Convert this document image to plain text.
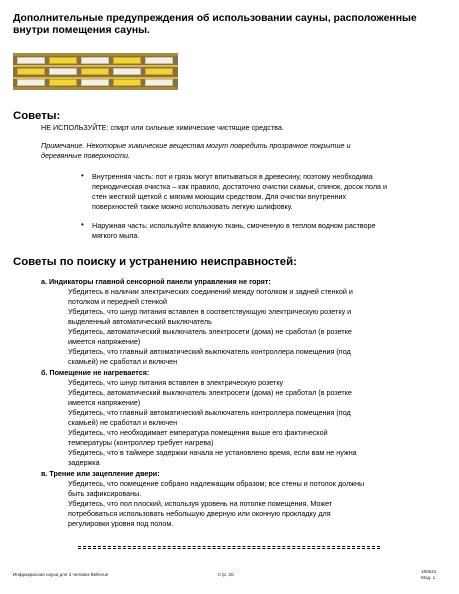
Дополнительные предупреждения об использовании сауны, расположенные внутри помещения сауны.
Советы:
НЕ ИСПОЛЬЗУЙТЕ: спирт или сильные химические чистящие средства.
Примечание. Некоторые химические вещества могут повредить прозрачное покрытие и
деревянные поверхности.
• Внутренняя часть: пот и грязь могут впитываться в древесину, поэтому необходима
периодическая очистка – как правило, достаточно очистки скамьи, спинок, досок пола и
стен жесткой щеткой с мягким моющим средством. Для очистки внутренних
поверхностей также можно использовать легкую шлифовку.
• Наружная часть: используйте влажную ткань, смоченную в теплом водном растворе
мягкого мыла.
Советы по поиску и устранению неисправностей:
a. Индикаторы главной сенсорной панели управления не горят:
Убедитесь в наличии электрических соединений между потолком и задней стенкой и
потолком и передней стенкой
Убедитесь, что шнур питания вставлен в соответствующую электрическую розетку и
выделенный автоматический выключатель
Убедитесь, автоматический выключатель электросети (дома) не сработал (в розетке
имеется напряжение)
Убедитесь, что главный автоматический выключатель контроллера помещения (под
скамьей) не сработал и включен
б. Помещение не нагревается:
Убедитесь, что шнур питания вставлен в электрическую розетку
Убедитесь, автоматический выключатель электросети (дома) не сработал (в розетке
имеется напряжение)
Убедитесь, что главный автоматический выключатель контроллера помещения (под
скамьей) не сработал и включен
Убедитесь, что необходимает емпература помещения выше его фактической
температуры (контроллер требует нагрева)
Убедитесь, что в таймере задержки начала не установлено время, если вам не нужна
задержка
в. Трение или зацепление двери:
Убедитесь, что помещение собрано надлежащим образом; все стены и потолок должны
быть зафиксированы.
Убедитесь, что пол плоский, используя уровень на потолке помещения. Может
потребоваться использовать небольшую дверную или оконную прокладку для
регулировки уровня под полом.
Инфракрасная сауна для 3 человек Bellevue	Стр. 20
180521
Мод. 1
